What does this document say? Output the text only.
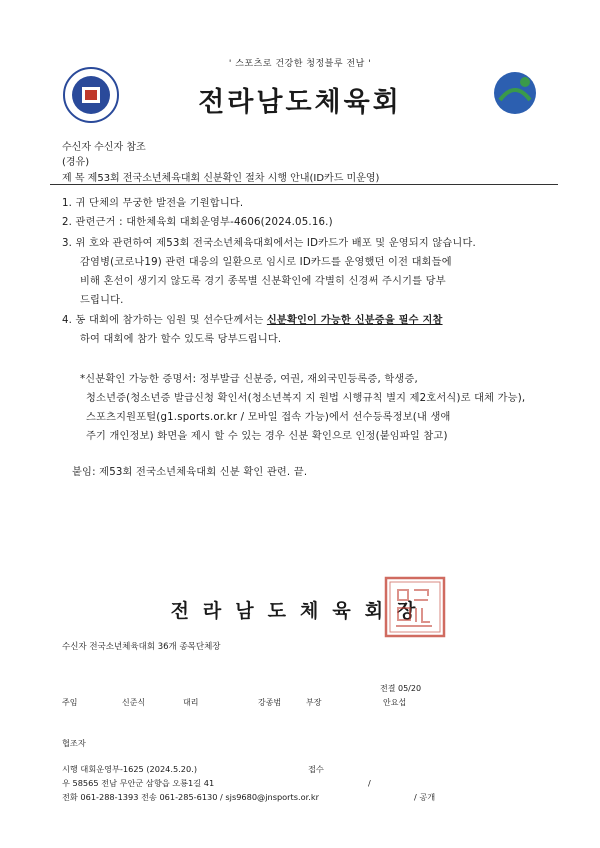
' 스포츠로 건강한 청정블루 전남 '
전라남도체육회
수신자 수신자 참조
(경유)
제 목 제53회 전국소년체육대회 신분확인 절차 시행 안내(ID카드 미운영)
1. 귀 단체의 무궁한 발전을 기원합니다.
2. 관련근거 : 대한체육회 대회운영부-4606(2024.05.16.)
3. 위 호와 관련하여 제53회 전국소년체육대회에서는 ID카드가 배포 및 운영되지 않습니다.
감염병(코로나19) 관련 대응의 일환으로 임시로 ID카드를 운영했던 이전 대회들에
비해 혼선이 생기지 않도록 경기 종목별 신분확인에 각별히 신경써 주시기를 당부
드립니다.
4. 동 대회에 참가하는 임원 및 선수단께서는 신분확인이 가능한 신분증을 필수 지참
하여 대회에 참가 할수 있도록 당부드립니다.
*신분확인 가능한 증명서: 정부발급 신분증, 여권, 재외국민등록증, 학생증,
청소년증(청소년증 발급신청 확인서(청소년복지 지 원법 시행규칙 별지 제2호서식)로 대체 가능),
스포츠지원포털(g1.sports.or.kr / 모바일 접속 가능)에서 선수등록정보(내 생애
주기 개인정보) 화면을 제시 할 수 있는 경우 신분 확인으로 인정(붙임파일 참고)
붙임: 제53회 전국소년체육대회 신분 확인 관련. 끝.
전라남도체육회장
수신자 전국소년체육대회 36개 종목단체장
전결 05/20
주임	신준식	대리	강종범	부장	안요섭
협조자
시행 대회운영부-1625 (2024.5.20.)	접수
우 58565 전남 무안군 삼향읍 오룡1길 41	/
전화 061-288-1393 전송 061-285-6130 / sjs9680@jnsports.or.kr	/ 공개
